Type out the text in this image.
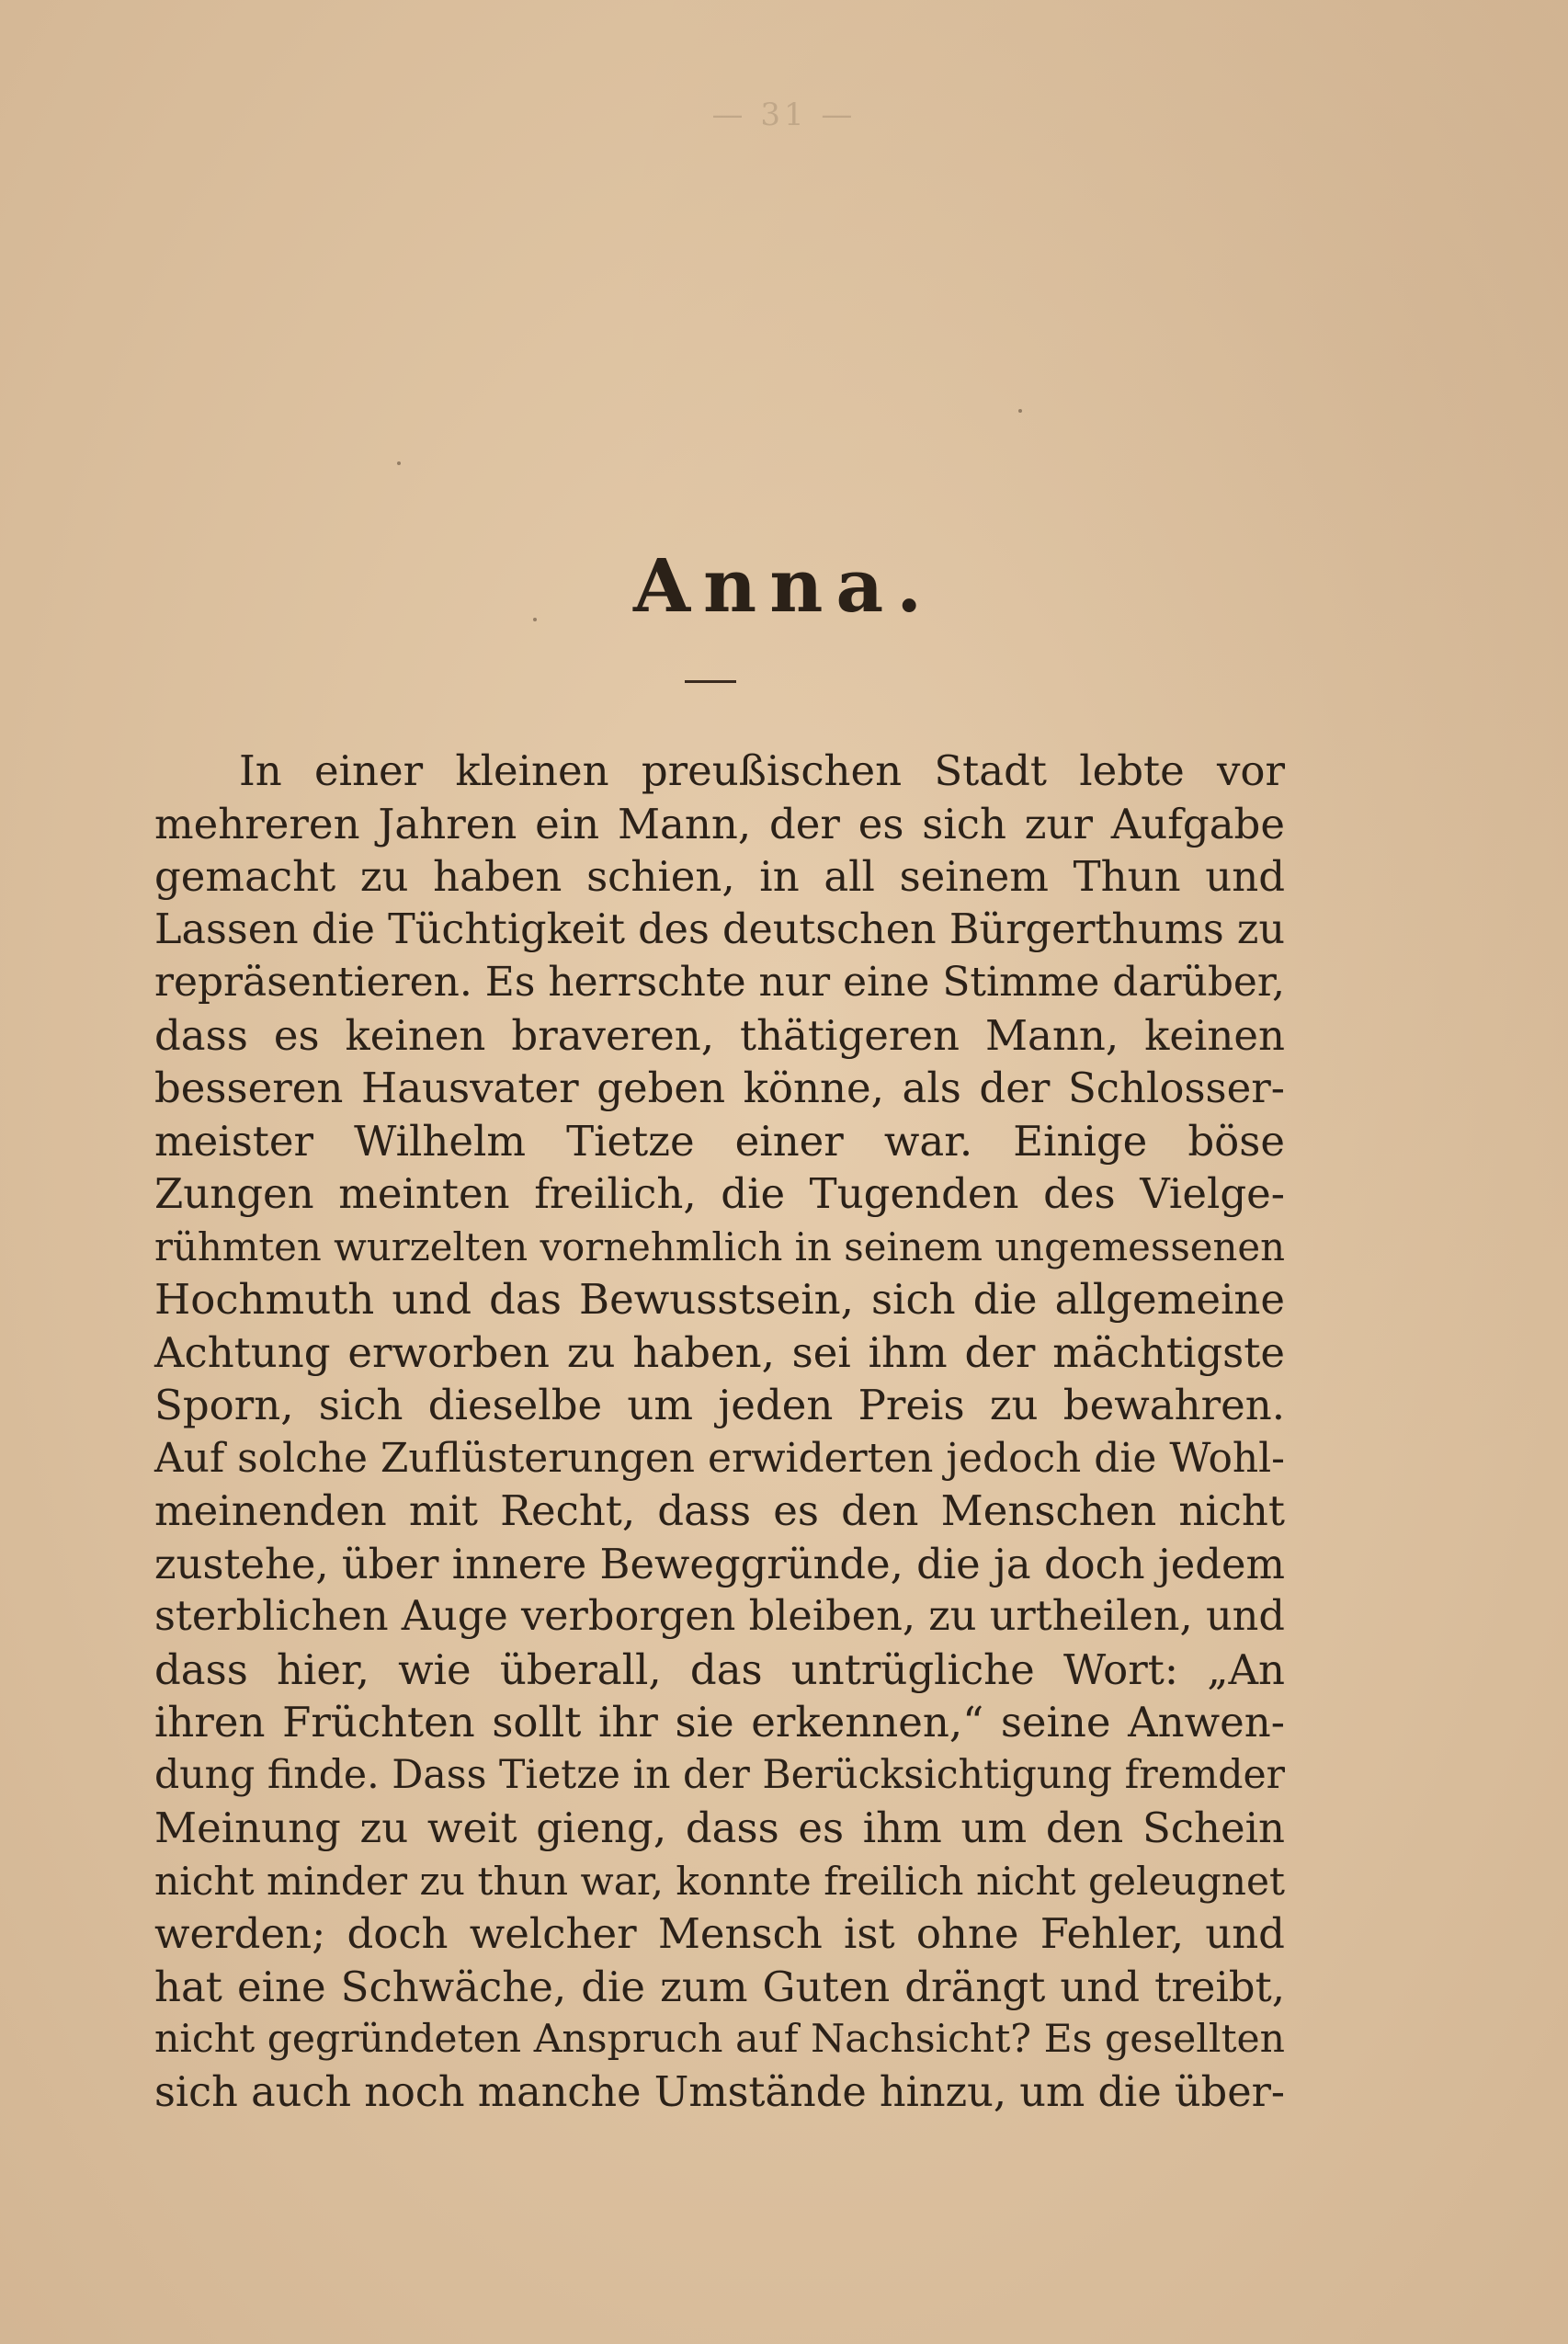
— 31 —
Anna.
In einer kleinen preußischen Stadt lebte vor
mehreren Jahren ein Mann, der es sich zur Aufgabe
gemacht zu haben schien, in all seinem Thun und
Lassen die Tüchtigkeit des deutschen Bürgerthums zu
repräsentieren. Es herrschte nur eine Stimme darüber,
dass es keinen braveren, thätigeren Mann, keinen
besseren Hausvater geben könne, als der Schlosser-
meister Wilhelm Tietze einer war. Einige böse
Zungen meinten freilich, die Tugenden des Vielge-
rühmten wurzelten vornehmlich in seinem ungemessenen
Hochmuth und das Bewusstsein, sich die allgemeine
Achtung erworben zu haben, sei ihm der mächtigste
Sporn, sich dieselbe um jeden Preis zu bewahren.
Auf solche Zuflüsterungen erwiderten jedoch die Wohl-
meinenden mit Recht, dass es den Menschen nicht
zustehe, über innere Beweggründe, die ja doch jedem
sterblichen Auge verborgen bleiben, zu urtheilen, und
dass hier, wie überall, das untrügliche Wort: „An
ihren Früchten sollt ihr sie erkennen,“ seine Anwen-
dung finde. Dass Tietze in der Berücksichtigung fremder
Meinung zu weit gieng, dass es ihm um den Schein
nicht minder zu thun war, konnte freilich nicht geleugnet
werden; doch welcher Mensch ist ohne Fehler, und
hat eine Schwäche, die zum Guten drängt und treibt,
nicht gegründeten Anspruch auf Nachsicht? Es gesellten
sich auch noch manche Umstände hinzu, um die über-
